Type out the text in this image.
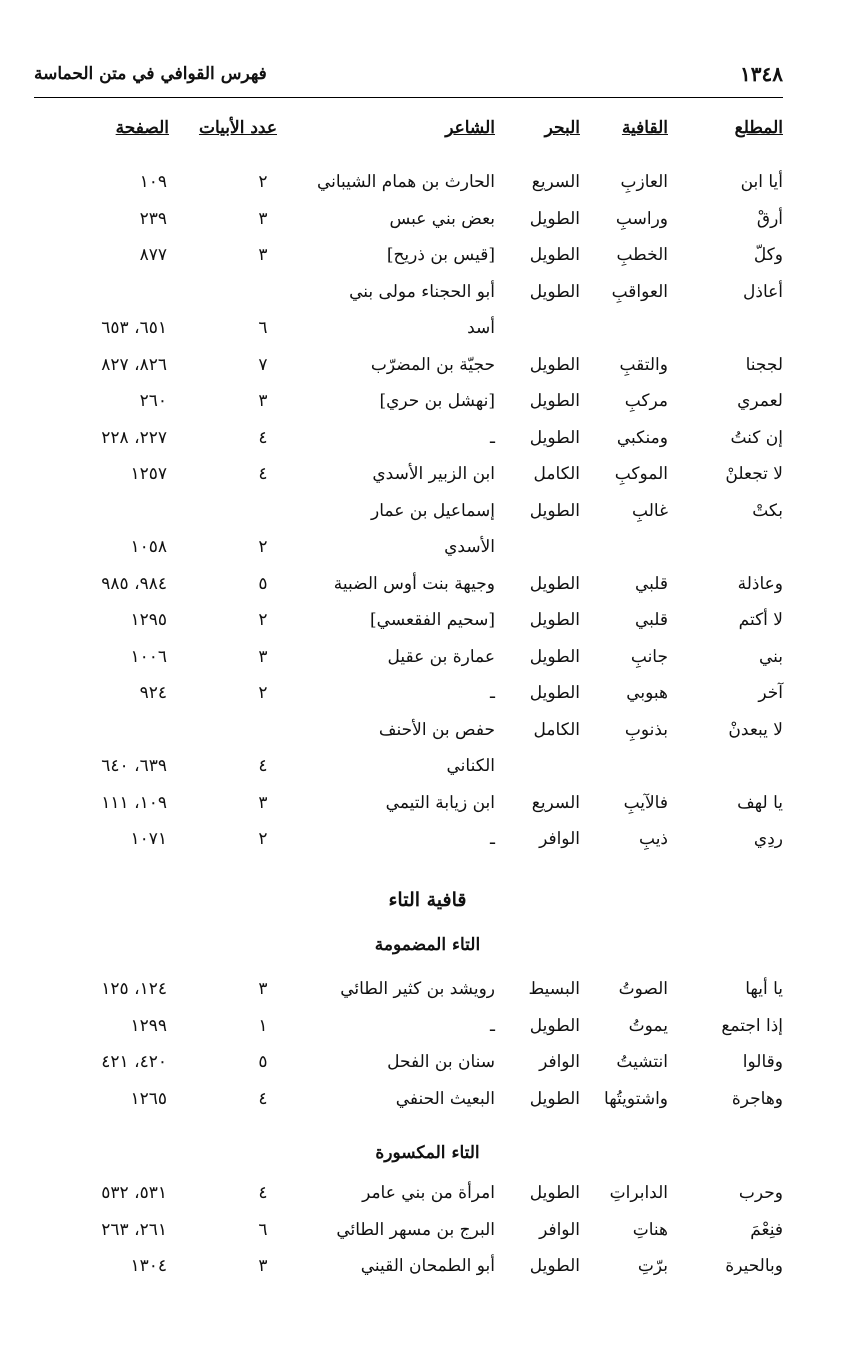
١٣٤٨
فهرس القوافي في متن الحماسة
المطلع
القافية
البحر
الشاعر
عدد الأبيات
الصفحة
أيا ابن
العازبِ
السريع
الحارث بن همام الشيباني
٢
١٠٩
أرقْ
وراسبِ
الطويل
بعض بني عبس
٣
٢٣٩
وكلّ
الخطبِ
الطويل
[قيس بن ذريح]
٣
٨٧٧
أعاذل
العواقبِ
الطويل
أبو الحجناء مولى بني
أسد
٦
٦٥١، ٦٥٣
لججنا
والتقبِ
الطويل
حجيّة بن المضرّب
٧
٨٢٦، ٨٢٧
لعمري
مركبِ
الطويل
[نهشل بن حري]
٣
٢٦٠
إن كنتُ
ومنكبي
الطويل
ـ
٤
٢٢٧، ٢٢٨
لا تجعلنْ
الموكبِ
الكامل
ابن الزبير الأسدي
٤
١٢٥٧
بكتْ
غالبِ
الطويل
إسماعيل بن عمار
الأسدي
٢
١٠٥٨
وعاذلة
قلبي
الطويل
وجيهة بنت أوس الضبية
٥
٩٨٤، ٩٨٥
لا أكتم
قلبي
الطويل
[سحيم الفقعسي]
٢
١٢٩٥
بني
جانبِ
الطويل
عمارة بن عقيل
٣
١٠٠٦
آخر
هبوبي
الطويل
ـ
٢
٩٢٤
لا يبعدنْ
بذنوبِ
الكامل
حفص بن الأحنف
الكناني
٤
٦٣٩، ٦٤٠
يا لهف
فالآيبِ
السريع
ابن زيابة التيمي
٣
١٠٩، ١١١
ردِي
ذيبِ
الوافر
ـ
٢
١٠٧١
قافية التاء
التاء المضمومة
يا أيها
الصوتُ
البسيط
رويشد بن كثير الطائي
٣
١٢٤، ١٢٥
إذا اجتمع
يموتُ
الطويل
ـ
١
١٢٩٩
وقالوا
انتشيتُ
الوافر
سنان بن الفحل
٥
٤٢٠، ٤٢١
وهاجرة
واشتويتُها
الطويل
البعيث الحنفي
٤
١٢٦٥
التاء المكسورة
وحرب
الدابراتِ
الطويل
امرأة من بني عامر
٤
٥٣١، ٥٣٢
فنِعْمَ
هناتِ
الوافر
البرج بن مسهر الطائي
٦
٢٦١، ٢٦٣
وبالحيرة
برّتِ
الطويل
أبو الطمحان القيني
٣
١٣٠٤
